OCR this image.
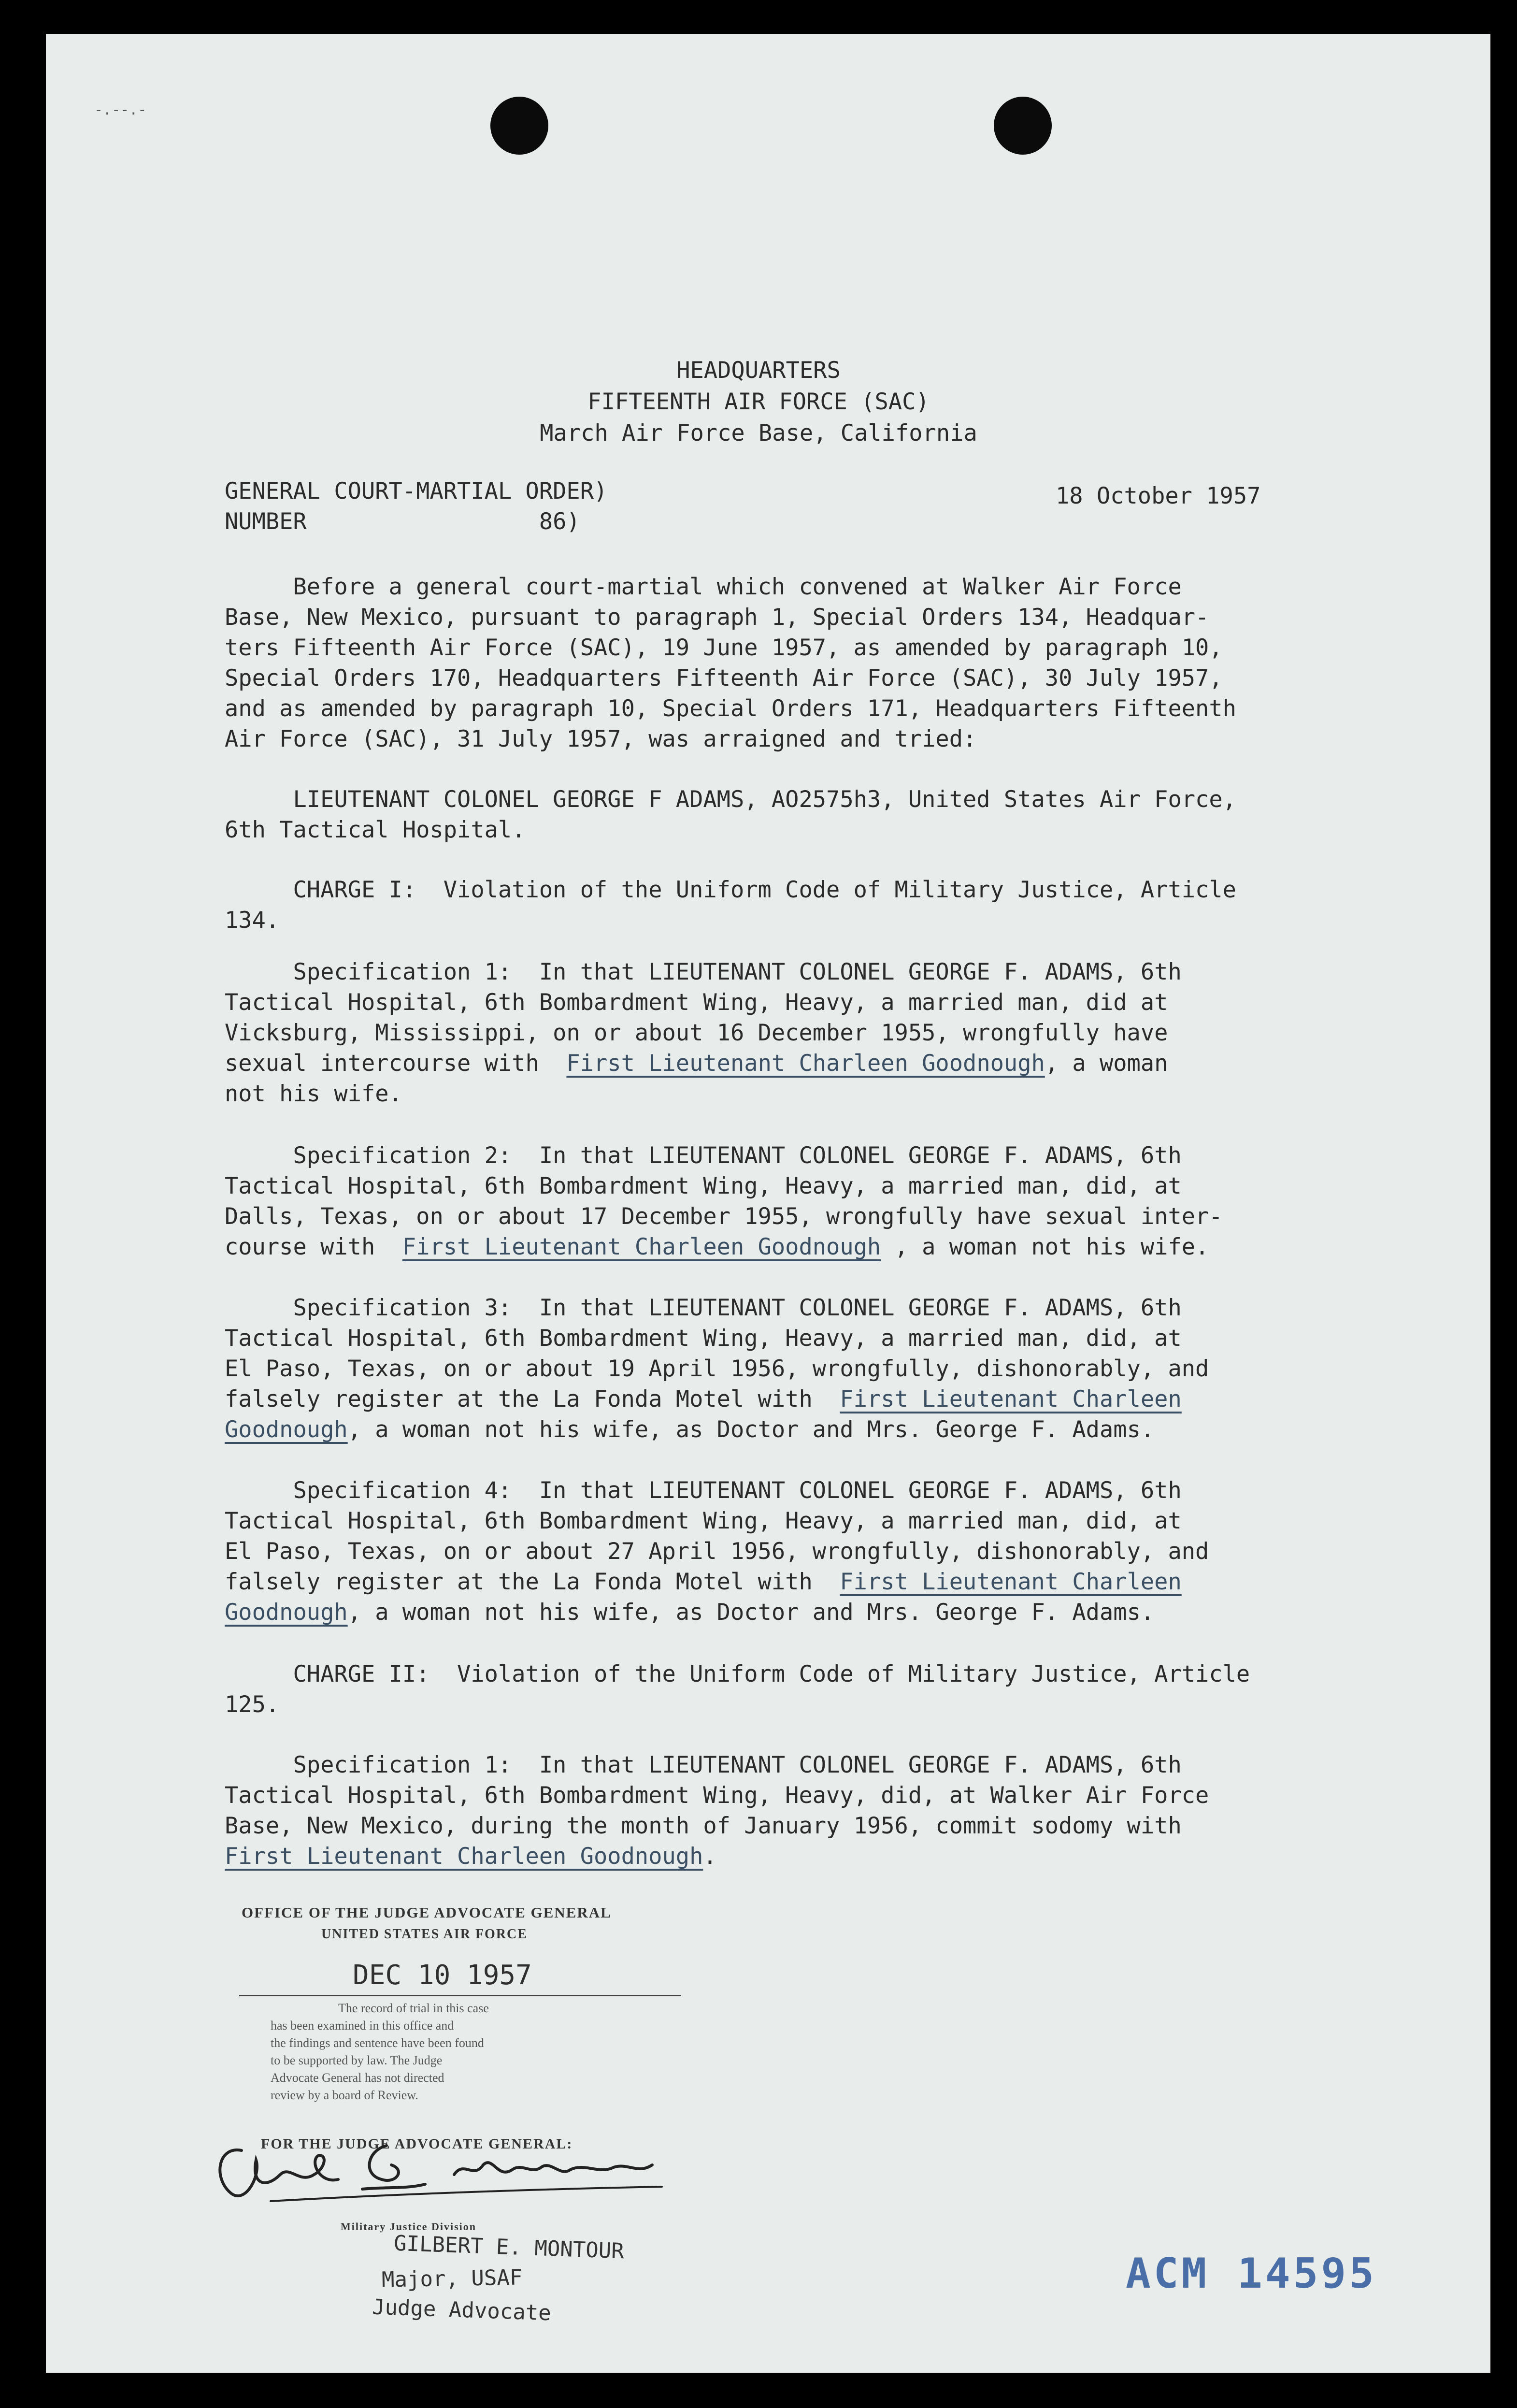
-.--.-

HEADQUARTERS

FIFTEENTH AIR FORCE (SAC)

March Air Force Base, California

GENERAL COURT-MARTIAL ORDER)

NUMBER                 86)

18 October 1957

Before a general court-martial which convened at Walker Air Force

Base, New Mexico, pursuant to paragraph 1, Special Orders 134, Headquar-

ters Fifteenth Air Force (SAC), 19 June 1957, as amended by paragraph 10,

Special Orders 170, Headquarters Fifteenth Air Force (SAC), 30 July 1957,

and as amended by paragraph 10, Special Orders 171, Headquarters Fifteenth

Air Force (SAC), 31 July 1957, was arraigned and tried:

LIEUTENANT COLONEL GEORGE F ADAMS, AO2575h3, United States Air Force,

6th Tactical Hospital.

CHARGE I:  Violation of the Uniform Code of Military Justice, Article

134.

Specification 1:  In that LIEUTENANT COLONEL GEORGE F. ADAMS, 6th

Tactical Hospital, 6th Bombardment Wing, Heavy, a married man, did at

Vicksburg, Mississippi, on or about 16 December 1955, wrongfully have

sexual intercourse with  First Lieutenant Charleen Goodnough, a woman

not his wife.

Specification 2:  In that LIEUTENANT COLONEL GEORGE F. ADAMS, 6th

Tactical Hospital, 6th Bombardment Wing, Heavy, a married man, did, at

Dalls, Texas, on or about 17 December 1955, wrongfully have sexual inter-

course with  First Lieutenant Charleen Goodnough , a woman not his wife.

Specification 3:  In that LIEUTENANT COLONEL GEORGE F. ADAMS, 6th

Tactical Hospital, 6th Bombardment Wing, Heavy, a married man, did, at

El Paso, Texas, on or about 19 April 1956, wrongfully, dishonorably, and

falsely register at the La Fonda Motel with  First Lieutenant Charleen

Goodnough, a woman not his wife, as Doctor and Mrs. George F. Adams.

Specification 4:  In that LIEUTENANT COLONEL GEORGE F. ADAMS, 6th

Tactical Hospital, 6th Bombardment Wing, Heavy, a married man, did, at

El Paso, Texas, on or about 27 April 1956, wrongfully, dishonorably, and

falsely register at the La Fonda Motel with  First Lieutenant Charleen

Goodnough, a woman not his wife, as Doctor and Mrs. George F. Adams.

CHARGE II:  Violation of the Uniform Code of Military Justice, Article

125.

Specification 1:  In that LIEUTENANT COLONEL GEORGE F. ADAMS, 6th

Tactical Hospital, 6th Bombardment Wing, Heavy, did, at Walker Air Force

Base, New Mexico, during the month of January 1956, commit sodomy with

First Lieutenant Charleen Goodnough.

OFFICE OF THE JUDGE ADVOCATE GENERAL
UNITED STATES AIR FORCE
DEC 10 1957
The record of trial in this case
has been examined in this office and
the findings and sentence have been found
to be supported by law. The Judge
Advocate General has not directed
review by a board of Review.
FOR THE JUDGE ADVOCATE GENERAL:
Military Justice Division
GILBERT E. MONTOUR
Major, USAF
Judge Advocate
ACM 14595
